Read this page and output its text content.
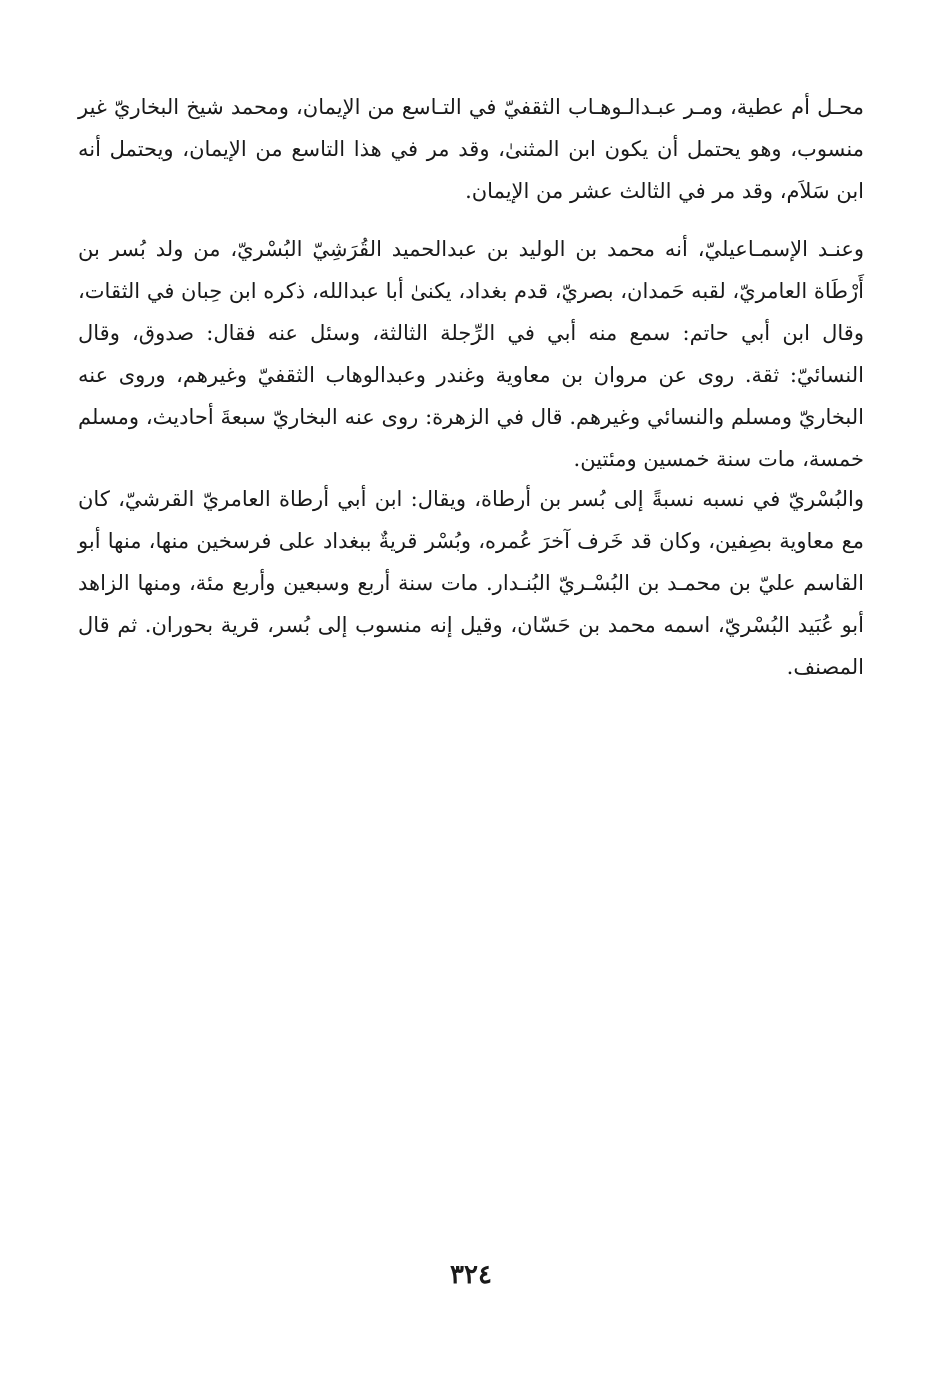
محـل أم عطية، ومـر عبـدالـوهـاب الثقفيّ في التـاسع من الإيمان، ومحمد شيخ البخاريّ غير منسوب، وهو يحتمل أن يكون ابن المثنىٰ، وقد مر في هذا التاسع من الإيمان، ويحتمل أنه ابن سَلاَم، وقد مر في الثالث عشر من الإيمان.

وعنـد الإسمـاعيليّ، أنه محمد بن الوليد بن عبدالحميد القُرَشِيّ البُسْريّ، من ولد بُسر بن أَرْطَاة العامريّ، لقبه حَمدان، بصريّ، قدم بغداد، يكنىٰ أبا عبدالله، ذكره ابن حِبان في الثقات، وقال ابن أبي حاتم: سمع منه أبي في الرِّجلة الثالثة، وسئل عنه فقال: صدوق، وقال النسائيّ: ثقة. روى عن مروان بن معاوية وغندر وعبدالوهاب الثقفيّ وغيرهم، وروى عنه البخاريّ ومسلم والنسائي وغيرهم. قال في الزهرة: روى عنه البخاريّ سبعةَ أحاديث، ومسلم خمسة، مات سنة خمسين ومئتين.

والبُسْريّ في نسبه نسبةً إلى بُسر بن أرطاة، ويقال: ابن أبي أرطاة العامريّ القرشيّ، كان مع معاوية بصِفين، وكان قد خَرف آخرَ عُمره، وبُسْر قريةٌ ببغداد على فرسخين منها، منها أبو القاسم عليّ بن محمـد بن البُسْـريّ البُنـدار. مات سنة أربع وسبعين وأربع مئة، ومنها الزاهد أبو عُبَيد البُسْريّ، اسمه محمد بن حَسّان، وقيل إنه منسوب إلى بُسر، قرية بحوران. ثم قال المصنف.

٣٢٤
